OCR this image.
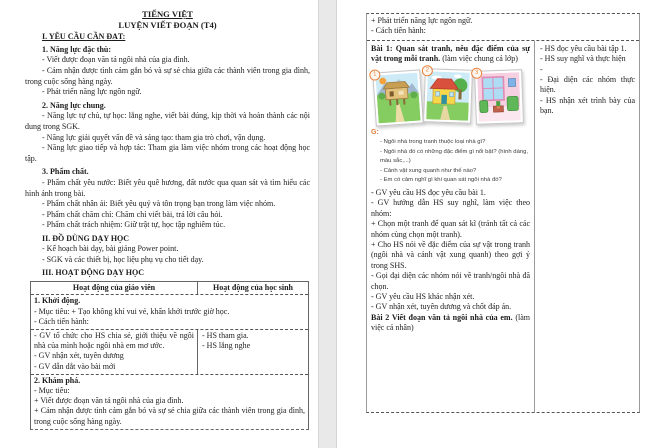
TIẾNG VIỆT

LUYỆN VIẾT ĐOẠN (T4)

I. YÊU CẦU CẦN ĐẠT:

1. Năng lực đặc thù:

- Viết được đoạn văn tả ngôi nhà của gia đình.

- Cảm nhận được tình cảm gắn bó và sự sẻ chia giữa các thành viên trong gia đình, trong cuộc sống hàng ngày.

- Phát triển năng lực ngôn ngữ.

2. Năng lực chung.

- Năng lực tự chủ, tự học: lắng nghe, viết bài đúng, kịp thời và hoàn thành các nội dung trong SGK.

- Năng lực giải quyết vấn đề và sáng tạo: tham gia trò chơi, vận dụng.

- Năng lực giao tiếp và hợp tác: Tham gia làm việc nhóm trong các hoạt động học tập.

3. Phẩm chất.

- Phẩm chất yêu nước: Biết yêu quê hương, đất nước qua quan sát và tìm hiểu các hình ảnh trong bài.

- Phẩm chất nhân ái: Biết yêu quý và tôn trọng bạn trong làm việc nhóm.

- Phẩm chất chăm chỉ: Chăm chỉ viết bài, trả lời câu hỏi.

- Phẩm chất trách nhiệm: Giữ trật tự, học tập nghiêm túc.

II. ĐỒ DÙNG DẠY HỌC

- Kế hoạch bài dạy, bài giảng Power point.

- SGK và các thiết bị, học liệu phụ vụ cho tiết dạy.

III. HOẠT ĐỘNG DẠY HỌC

Hoạt động của giáo viên	Hoạt động của học sinh

1. Khởi động.

- Mục tiêu: + Tạo không khí vui vẻ, khấn khởi trước giờ học.

- Cách tiến hành:

- GV tổ chức cho HS chia sẻ, giới thiệu về ngôi nhà của mình hoặc ngôi nhà em mơ ước.

- GV nhận xét, tuyên dương

- GV dẫn dắt vào bài mới

- HS tham gia.

- HS lắng nghe

2. Khám phá.

- Mục tiêu:

+ Viết được đoạn văn tả ngôi nhà của gia đình.

+ Cảm nhận được tình cảm gắn bó và sự sẻ chia giữa các thành viên trong gia đình, trong cuộc sống hàng ngày.

+ Phát triển năng lực ngôn ngữ.

- Cách tiến hành:

Bài 1: Quan sát tranh, nêu đặc điểm của sự vật trong mỗi tranh. (làm việc chung cả lớp)

1
2	3

G:

- Ngôi nhà trong tranh thuộc loại nhà gì?

- Ngôi nhà đó có những đặc điểm gì nổi bật? (hình dáng, màu sắc,...)

- Cảnh vật xung quanh như thế nào?

- Em có cảm nghĩ gì khi quan sát ngôi nhà đó?

- GV yêu cầu HS đọc yêu cầu bài 1.

- GV hướng dẫn HS suy nghĩ, làm việc theo nhóm:

+ Chọn một tranh để quan sát kĩ (tránh tất cả các nhóm cùng chọn một tranh).

+ Cho HS nói về đặc điểm của sự vật trong tranh (ngôi nhà và cảnh vật xung quanh) theo gợi ý trong SHS.

- Gọi đại diện các nhóm nói về tranh/ngôi nhà đã chọn.

- GV yêu cầu HS khác nhận xét.

- GV nhận xét, tuyên dương và chốt đáp án.

Bài 2 Viết đoạn văn tả ngôi nhà của em. (làm việc cá nhân)

- HS đọc yêu cầu bài tập 1.

- HS suy nghĩ và thực hiện

-

- Đại diện các nhóm thực hiện.

- HS nhận xét trình bày của bạn.
